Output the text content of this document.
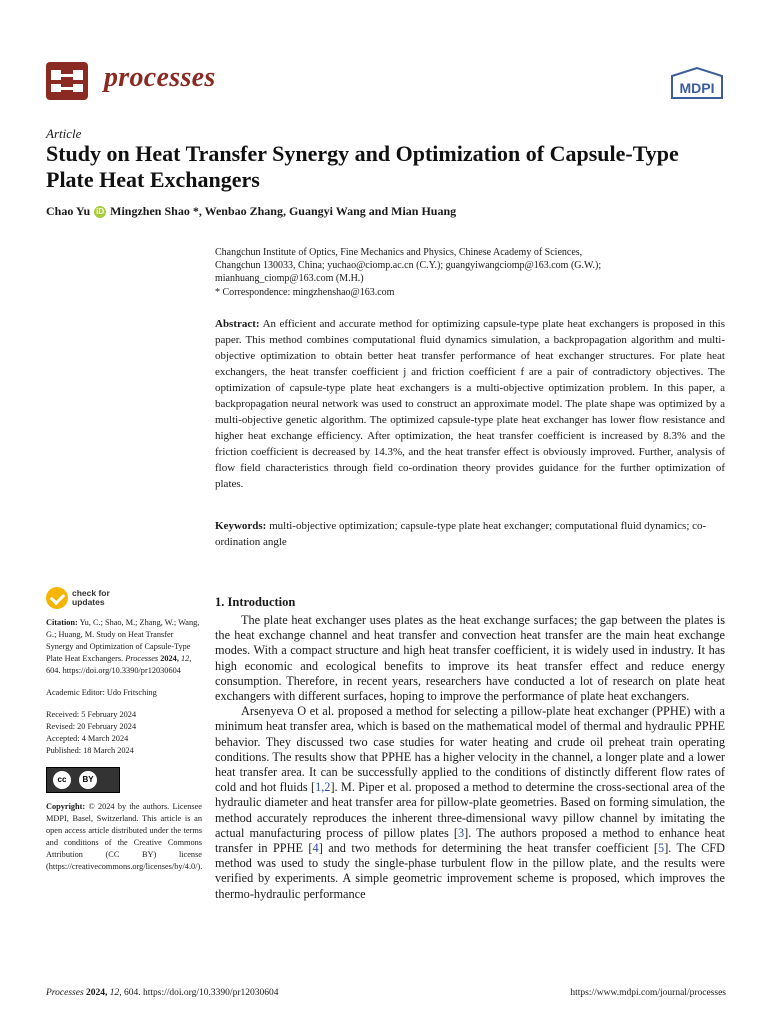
processes	MDPI
Article
Study on Heat Transfer Synergy and Optimization of Capsule-Type Plate Heat Exchangers
Chao Yu iD Mingzhen Shao *, Wenbao Zhang, Guangyi Wang and Mian Huang

Changchun Institute of Optics, Fine Mechanics and Physics, Chinese Academy of Sciences,

Changchun 130033, China; yuchao@ciomp.ac.cn (C.Y.); guangyiwangciomp@163.com (G.W.);

mianhuang_ciomp@163.com (M.H.)

* Correspondence: mingzhenshao@163.com

Abstract: An efficient and accurate method for optimizing capsule-type plate heat exchangers is proposed in this paper. This method combines computational fluid dynamics simulation, a backpropagation algorithm and multi-objective optimization to obtain better heat transfer performance of heat exchanger structures. For plate heat exchangers, the heat transfer coefficient j and friction coefficient f are a pair of contradictory objectives. The optimization of capsule-type plate heat exchangers is a multi-objective optimization problem. In this paper, a backpropagation neural network was used to construct an approximate model. The plate shape was optimized by a multi-objective genetic algorithm. The optimized capsule-type plate heat exchanger has lower flow resistance and higher heat exchange efficiency. After optimization, the heat transfer coefficient is increased by 8.3% and the friction coefficient is decreased by 14.3%, and the heat transfer effect is obviously improved. Further, analysis of flow field characteristics through field co-ordination theory provides guidance for the further optimization of plates.
Keywords: multi-objective optimization; capsule-type plate heat exchanger; computational fluid dynamics; co-ordination angle
check for
updates
Citation: Yu, C.; Shao, M.; Zhang, W.; Wang, G.; Huang, M. Study on Heat Transfer Synergy and Optimization of Capsule-Type Plate Heat Exchangers. Processes 2024, 12, 604. https://doi.org/10.3390/pr12030604

Academic Editor: Udo Fritsching

Received: 5 February 2024

Revised: 20 February 2024

Accepted: 4 March 2024

Published: 18 March 2024

cc	BY
Copyright: © 2024 by the authors. Licensee MDPI, Basel, Switzerland. This article is an open access article distributed under the terms and conditions of the Creative Commons Attribution (CC BY) license (https://creativecommons.org/licenses/by/4.0/).
1. Introduction

The plate heat exchanger uses plates as the heat exchange surfaces; the gap between the plates is the heat exchange channel and heat transfer and convection heat transfer are the main heat exchange modes. With a compact structure and high heat transfer coefficient, it is widely used in industry. It has high economic and ecological benefits to improve its heat transfer effect and reduce energy consumption. Therefore, in recent years, researchers have conducted a lot of research on plate heat exchangers with different surfaces, hoping to improve the performance of plate heat exchangers.

Arsenyeva O et al. proposed a method for selecting a pillow-plate heat exchanger (PPHE) with a minimum heat transfer area, which is based on the mathematical model of thermal and hydraulic PPHE behavior. They discussed two case studies for water heating and crude oil preheat train operating conditions. The results show that PPHE has a higher velocity in the channel, a longer plate and a lower heat transfer area. It can be successfully applied to the conditions of distinctly different flow rates of cold and hot fluids [1,2]. M. Piper et al. proposed a method to determine the cross-sectional area of the hydraulic diameter and heat transfer area for pillow-plate geometries. Based on forming simulation, the method accurately reproduces the inherent three-dimensional wavy pillow channel by imitating the actual manufacturing process of pillow plates [3]. The authors proposed a method to enhance heat transfer in PPHE [4] and two methods for determining the heat transfer coefficient [5]. The CFD method was used to study the single-phase turbulent flow in the pillow plate, and the results were verified by experiments. A simple geometric improvement scheme is proposed, which improves the thermo-hydraulic performance

Processes 2024, 12, 604. https://doi.org/10.3390/pr12030604	https://www.mdpi.com/journal/processes
